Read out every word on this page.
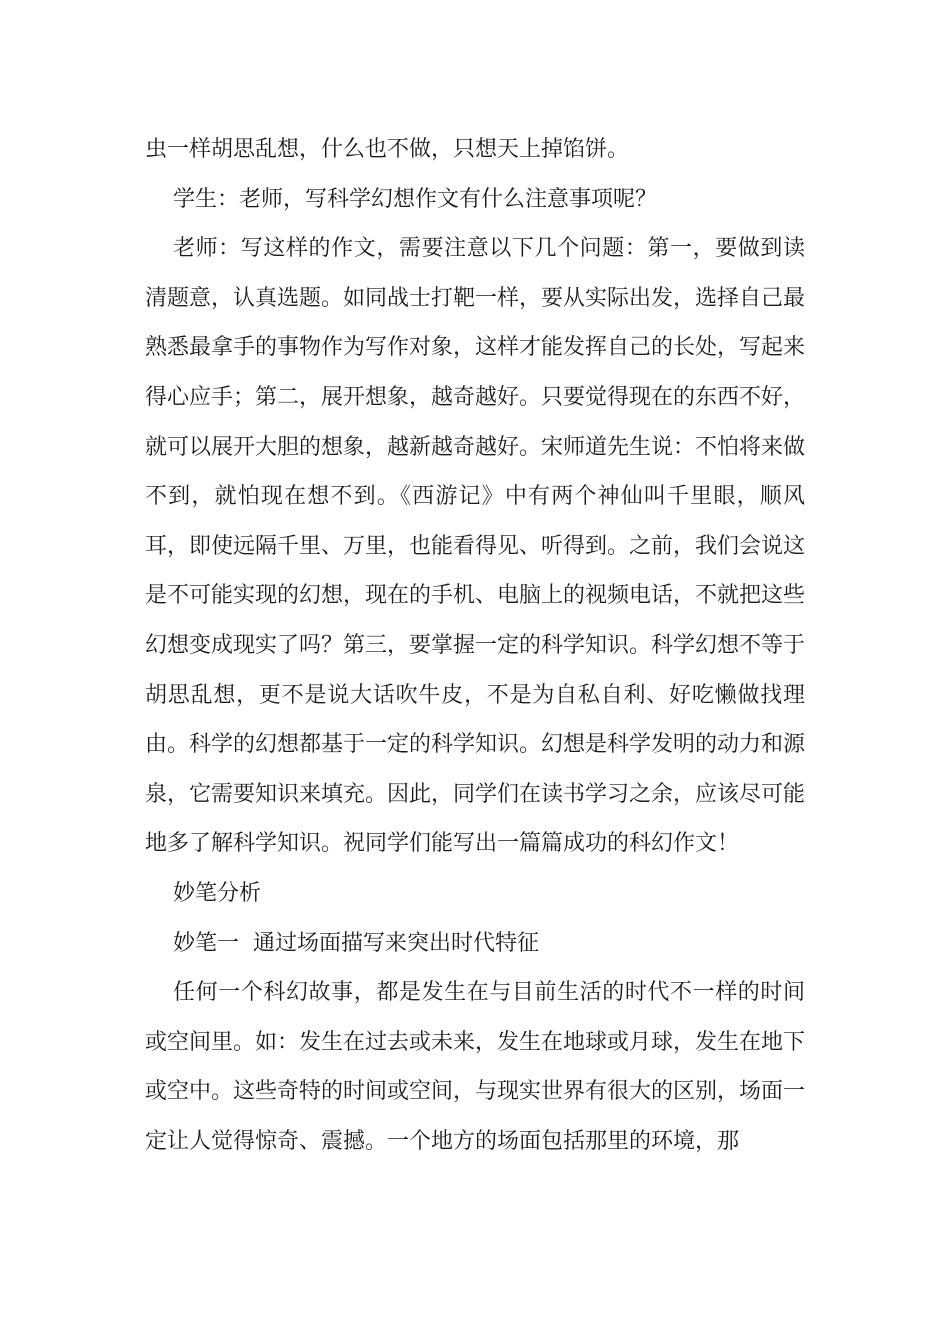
虫一样胡思乱想，什么也不做，只想天上掉馅饼。

学生：老师，写科学幻想作文有什么注意事项呢？

老师：写这样的作文，需要注意以下几个问题：第一，要做到读清题意，认真选题。如同战士打靶一样，要从实际出发，选择自己最熟悉最拿手的事物作为写作对象，这样才能发挥自己的长处，写起来得心应手；第二，展开想象，越奇越好。只要觉得现在的东西不好，就可以展开大胆的想象，越新越奇越好。宋师道先生说：不怕将来做不到，就怕现在想不到。《西游记》中有两个神仙叫千里眼，顺风耳，即使远隔千里、万里，也能看得见、听得到。之前，我们会说这是不可能实现的幻想，现在的手机、电脑上的视频电话，不就把这些幻想变成现实了吗？第三，要掌握一定的科学知识。科学幻想不等于胡思乱想，更不是说大话吹牛皮，不是为自私自利、好吃懒做找理由。科学的幻想都基于一定的科学知识。幻想是科学发明的动力和源泉，它需要知识来填充。因此，同学们在读书学习之余，应该尽可能地多了解科学知识。祝同学们能写出一篇篇成功的科幻作文！

妙笔分析

妙笔一  通过场面描写来突出时代特征

任何一个科幻故事，都是发生在与目前生活的时代不一样的时间或空间里。如：发生在过去或未来，发生在地球或月球，发生在地下或空中。这些奇特的时间或空间，与现实世界有很大的区别，场面一定让人觉得惊奇、震撼。一个地方的场面包括那里的环境，那
